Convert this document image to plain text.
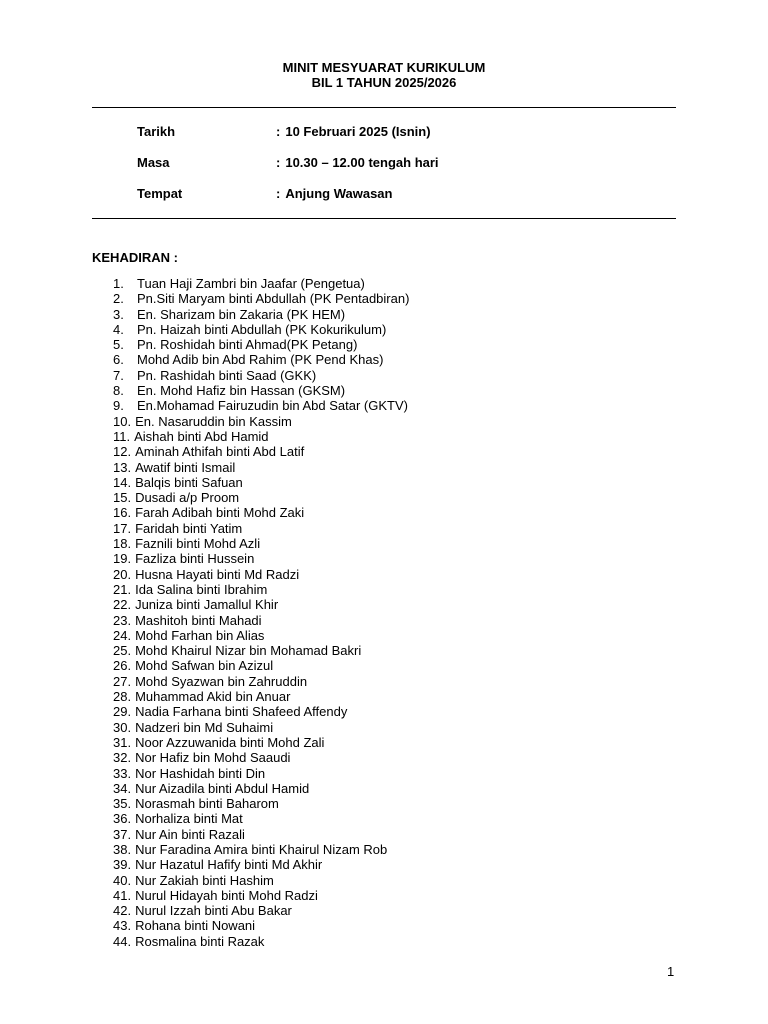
MINIT MESYUARAT KURIKULUM
BIL 1 TAHUN 2025/2026
Tarikh	: 10 Februari 2025 (Isnin)
Masa	: 10.30 – 12.00 tengah hari
Tempat	: Anjung Wawasan
KEHADIRAN :
1. Tuan Haji Zambri bin Jaafar (Pengetua)
2. Pn.Siti Maryam binti Abdullah (PK Pentadbiran)
3. En. Sharizam bin Zakaria (PK HEM)
4. Pn. Haizah binti Abdullah (PK Kokurikulum)
5. Pn. Roshidah binti Ahmad(PK Petang)
6. Mohd Adib bin Abd Rahim (PK Pend Khas)
7. Pn. Rashidah binti Saad (GKK)
8. En. Mohd Hafiz bin Hassan (GKSM)
9. En.Mohamad Fairuzudin bin Abd Satar (GKTV)
10. En. Nasaruddin bin Kassim
11. Aishah binti Abd Hamid
12. Aminah Athifah binti Abd Latif
13. Awatif binti Ismail
14. Balqis binti Safuan
15. Dusadi a/p Proom
16. Farah Adibah binti Mohd Zaki
17. Faridah binti Yatim
18. Faznili binti Mohd Azli
19. Fazliza binti Hussein
20. Husna Hayati binti Md Radzi
21. Ida Salina binti Ibrahim
22. Juniza binti Jamallul Khir
23. Mashitoh binti Mahadi
24. Mohd Farhan bin Alias
25. Mohd Khairul Nizar bin Mohamad Bakri
26. Mohd Safwan bin Azizul
27. Mohd Syazwan bin Zahruddin
28. Muhammad Akid bin Anuar
29. Nadia Farhana binti Shafeed Affendy
30. Nadzeri bin Md Suhaimi
31. Noor Azzuwanida binti Mohd Zali
32. Nor Hafiz bin Mohd Saaudi
33. Nor Hashidah binti Din
34. Nur Aizadila binti Abdul Hamid
35. Norasmah binti Baharom
36. Norhaliza binti Mat
37. Nur Ain binti Razali
38. Nur Faradina Amira binti Khairul Nizam Rob
39. Nur Hazatul Hafify binti Md Akhir
40. Nur Zakiah binti Hashim
41. Nurul Hidayah binti Mohd Radzi
42. Nurul Izzah binti Abu Bakar
43. Rohana binti Nowani
44. Rosmalina binti Razak
1
